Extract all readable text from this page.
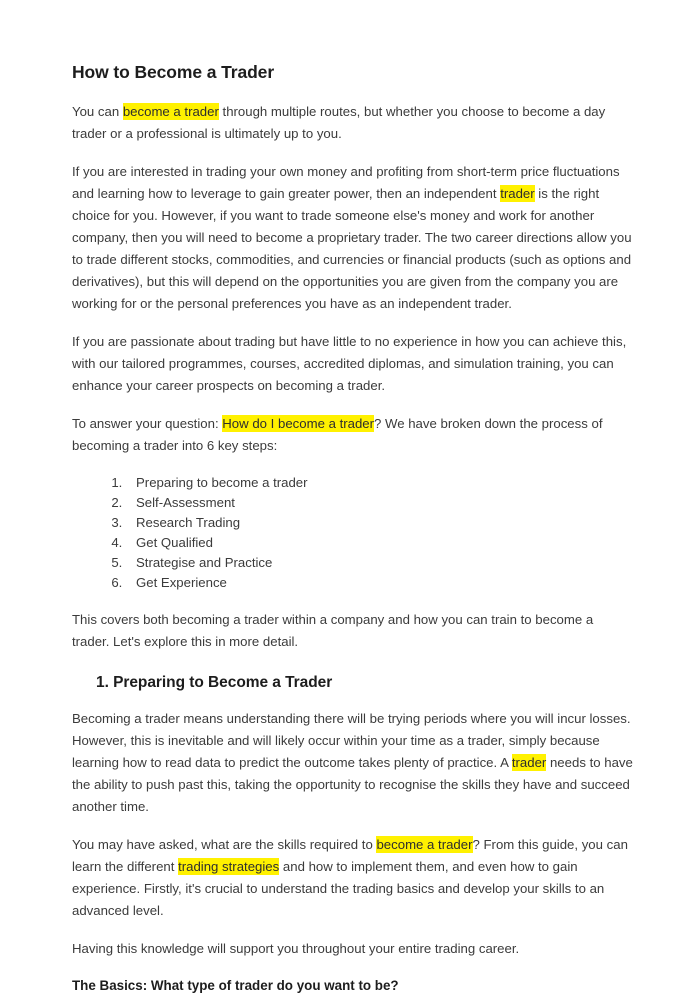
How to Become a Trader

You can become a trader through multiple routes, but whether you choose to become a day trader or a professional is ultimately up to you.

If you are interested in trading your own money and profiting from short-term price fluctuations and learning how to leverage to gain greater power, then an independent trader is the right choice for you. However, if you want to trade someone else's money and work for another company, then you will need to become a proprietary trader. The two career directions allow you to trade different stocks, commodities, and currencies or financial products (such as options and derivatives), but this will depend on the opportunities you are given from the company you are working for or the personal preferences you have as an independent trader.

If you are passionate about trading but have little to no experience in how you can achieve this, with our tailored programmes, courses, accredited diplomas, and simulation training, you can enhance your career prospects on becoming a trader.

To answer your question: How do I become a trader? We have broken down the process of becoming a trader into 6 key steps:

1. Preparing to become a trader
2. Self-Assessment
3. Research Trading
4. Get Qualified
5. Strategise and Practice
6. Get Experience

This covers both becoming a trader within a company and how you can train to become a trader. Let's explore this in more detail.

1. Preparing to Become a Trader

Becoming a trader means understanding there will be trying periods where you will incur losses. However, this is inevitable and will likely occur within your time as a trader, simply because learning how to read data to predict the outcome takes plenty of practice. A trader needs to have the ability to push past this, taking the opportunity to recognise the skills they have and succeed another time.

You may have asked, what are the skills required to become a trader? From this guide, you can learn the different trading strategies and how to implement them, and even how to gain experience. Firstly, it's crucial to understand the trading basics and develop your skills to an advanced level.

Having this knowledge will support you throughout your entire trading career.

The Basics: What type of trader do you want to be?
